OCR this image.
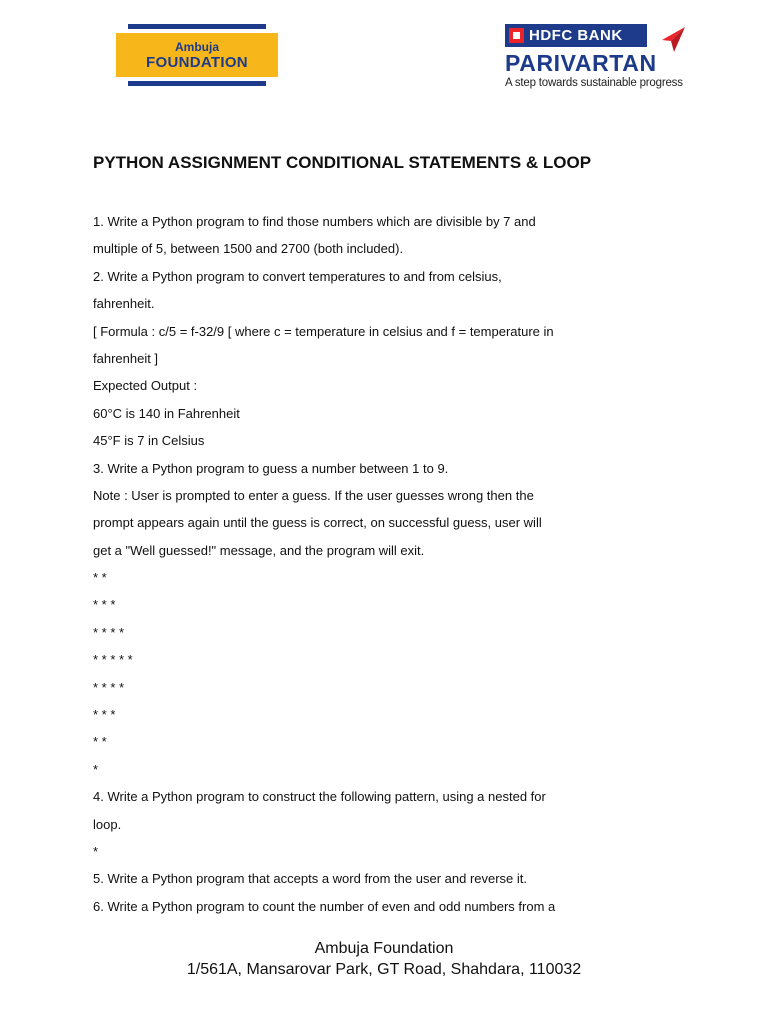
Ambuja
FOUNDATION
HDFC BANK
PARIVARTAN
A step towards sustainable progress
PYTHON ASSIGNMENT CONDITIONAL STATEMENTS & LOOP
1. Write a Python program to find those numbers which are divisible by 7 and
multiple of 5, between 1500 and 2700 (both included).
2. Write a Python program to convert temperatures to and from celsius,
fahrenheit.
[ Formula : c/5 = f-32/9 [ where c = temperature in celsius and f = temperature in
fahrenheit ]
Expected Output :
60°C is 140 in Fahrenheit
45°F is 7 in Celsius
3. Write a Python program to guess a number between 1 to 9.
Note : User is prompted to enter a guess. If the user guesses wrong then the
prompt appears again until the guess is correct, on successful guess, user will
get a "Well guessed!" message, and the program will exit.
* *
* * *
* * * *
* * * * *
* * * *
* * *
* *
*
4. Write a Python program to construct the following pattern, using a nested for
loop.
*
5. Write a Python program that accepts a word from the user and reverse it.
6. Write a Python program to count the number of even and odd numbers from a
Ambuja Foundation
1/561A, Mansarovar Park, GT Road, Shahdara, 110032
